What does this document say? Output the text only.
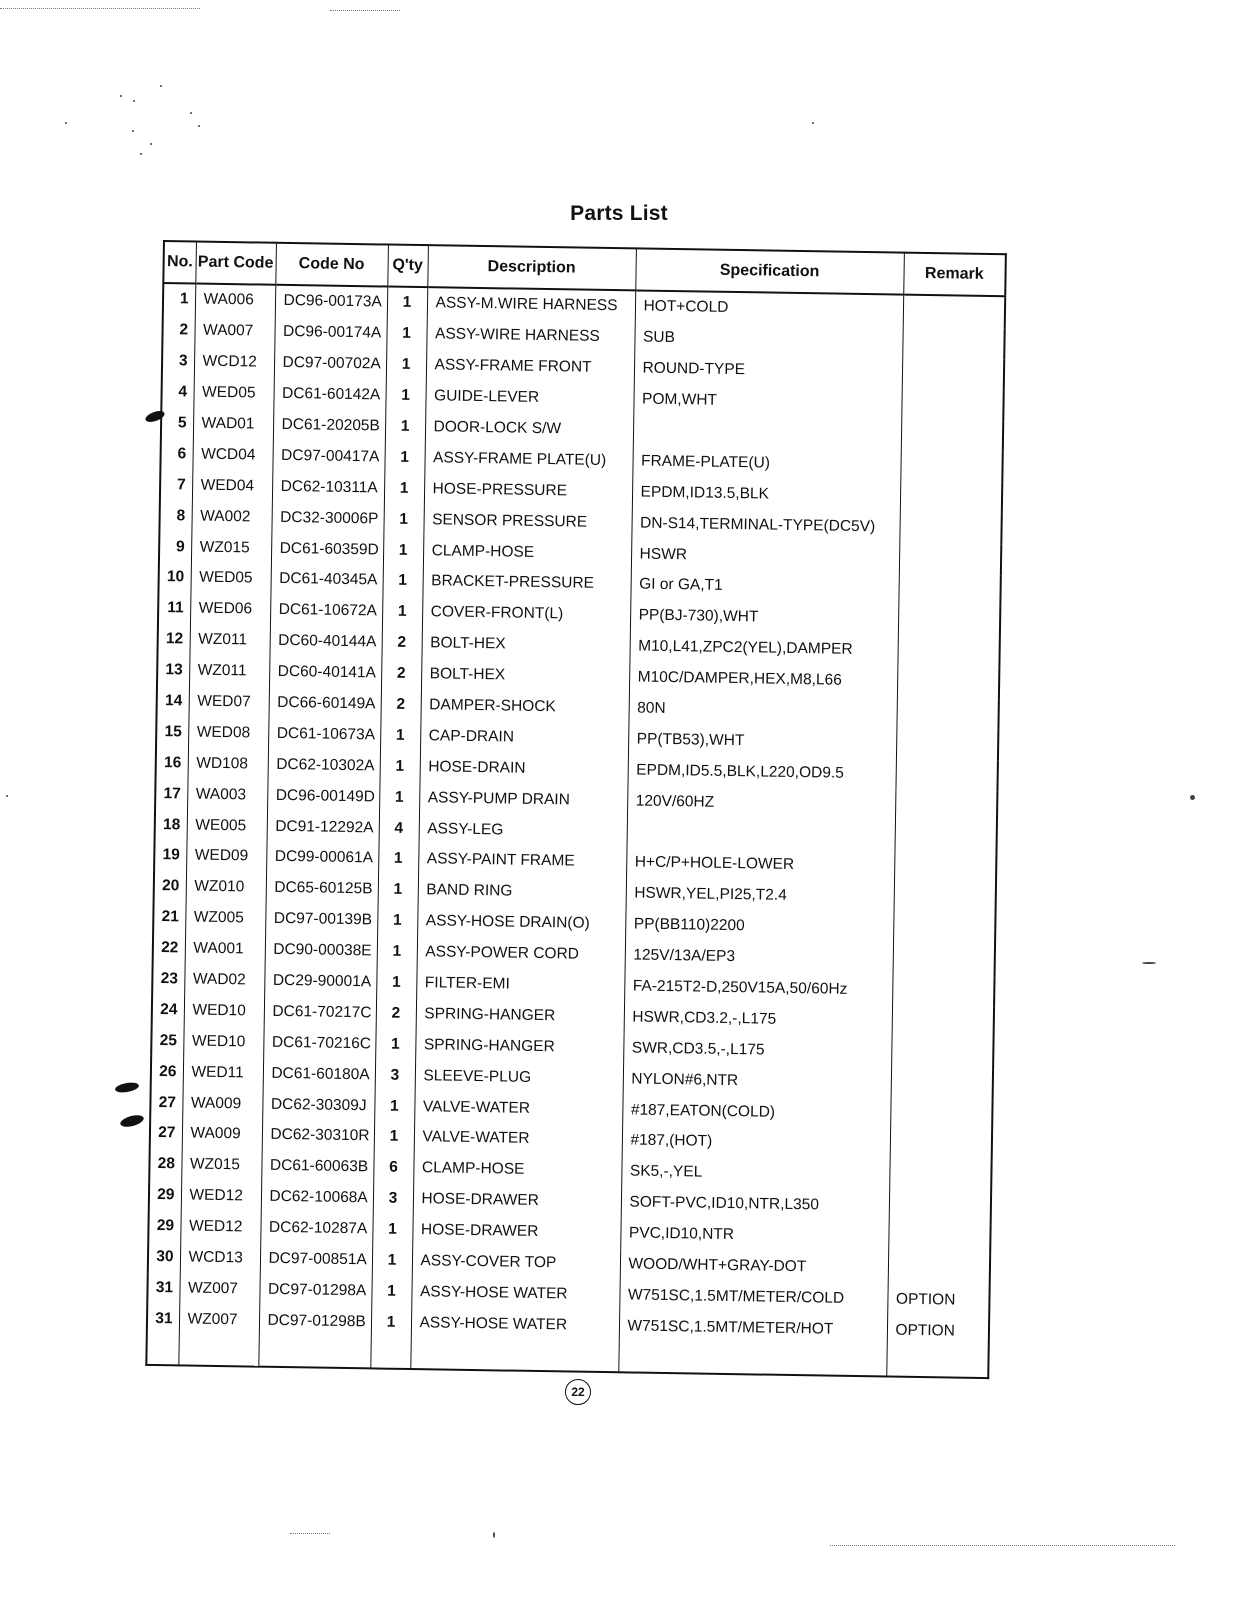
Parts List
No.	Part Code	Code No	Q'ty	Description	Specification	Remark
1	WA006	DC96-00173A	1	ASSY-M.WIRE HARNESS	HOT+COLD	
2	WA007	DC96-00174A	1	ASSY-WIRE HARNESS	SUB	
3	WCD12	DC97-00702A	1	ASSY-FRAME FRONT	ROUND-TYPE	
4	WED05	DC61-60142A	1	GUIDE-LEVER	POM,WHT	
5	WAD01	DC61-20205B	1	DOOR-LOCK S/W		
6	WCD04	DC97-00417A	1	ASSY-FRAME PLATE(U)	FRAME-PLATE(U)	
7	WED04	DC62-10311A	1	HOSE-PRESSURE	EPDM,ID13.5,BLK	
8	WA002	DC32-30006P	1	SENSOR PRESSURE	DN-S14,TERMINAL-TYPE(DC5V)	
9	WZ015	DC61-60359D	1	CLAMP-HOSE	HSWR	
10	WED05	DC61-40345A	1	BRACKET-PRESSURE	GI or GA,T1	
11	WED06	DC61-10672A	1	COVER-FRONT(L)	PP(BJ-730),WHT	
12	WZ011	DC60-40144A	2	BOLT-HEX	M10,L41,ZPC2(YEL),DAMPER	
13	WZ011	DC60-40141A	2	BOLT-HEX	M10C/DAMPER,HEX,M8,L66	
14	WED07	DC66-60149A	2	DAMPER-SHOCK	80N	
15	WED08	DC61-10673A	1	CAP-DRAIN	PP(TB53),WHT	
16	WD108	DC62-10302A	1	HOSE-DRAIN	EPDM,ID5.5,BLK,L220,OD9.5	
17	WA003	DC96-00149D	1	ASSY-PUMP DRAIN	120V/60HZ	
18	WE005	DC91-12292A	4	ASSY-LEG		
19	WED09	DC99-00061A	1	ASSY-PAINT FRAME	H+C/P+HOLE-LOWER	
20	WZ010	DC65-60125B	1	BAND RING	HSWR,YEL,PI25,T2.4	
21	WZ005	DC97-00139B	1	ASSY-HOSE DRAIN(O)	PP(BB110)2200	
22	WA001	DC90-00038E	1	ASSY-POWER CORD	125V/13A/EP3	
23	WAD02	DC29-90001A	1	FILTER-EMI	FA-215T2-D,250V15A,50/60Hz	
24	WED10	DC61-70217C	2	SPRING-HANGER	HSWR,CD3.2,-,L175	
25	WED10	DC61-70216C	1	SPRING-HANGER	SWR,CD3.5,-,L175	
26	WED11	DC61-60180A	3	SLEEVE-PLUG	NYLON#6,NTR	
27	WA009	DC62-30309J	1	VALVE-WATER	#187,EATON(COLD)	
27	WA009	DC62-30310R	1	VALVE-WATER	#187,(HOT)	
28	WZ015	DC61-60063B	6	CLAMP-HOSE	SK5,-,YEL	
29	WED12	DC62-10068A	3	HOSE-DRAWER	SOFT-PVC,ID10,NTR,L350	
29	WED12	DC62-10287A	1	HOSE-DRAWER	PVC,ID10,NTR	
30	WCD13	DC97-00851A	1	ASSY-COVER TOP	WOOD/WHT+GRAY-DOT	
31	WZ007	DC97-01298A	1	ASSY-HOSE WATER	W751SC,1.5MT/METER/COLD	OPTION
31	WZ007	DC97-01298B	1	ASSY-HOSE WATER	W751SC,1.5MT/METER/HOT	OPTION

22
